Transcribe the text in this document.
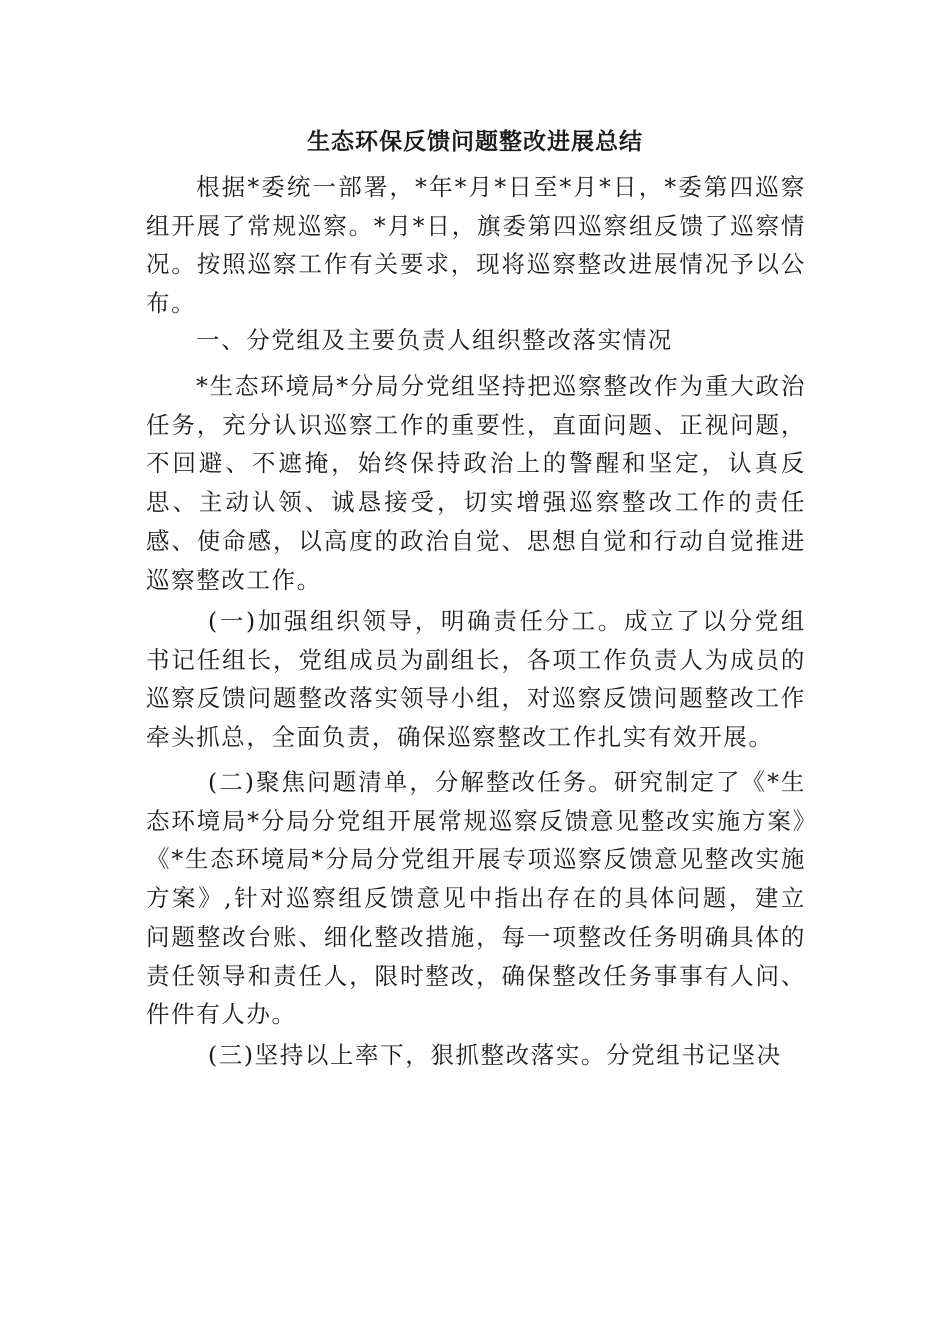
生态环保反馈问题整改进展总结

根据*委统一部署，*年*月*日至*月*日，*委第四巡察组开展了常规巡察。*月*日，旗委第四巡察组反馈了巡察情况。按照巡察工作有关要求，现将巡察整改进展情况予以公布。

一、分党组及主要负责人组织整改落实情况

*生态环境局*分局分党组坚持把巡察整改作为重大政治任务，充分认识巡察工作的重要性，直面问题、正视问题，不回避、不遮掩，始终保持政治上的警醒和坚定，认真反思、主动认领、诚恳接受，切实增强巡察整改工作的责任感、使命感，以高度的政治自觉、思想自觉和行动自觉推进巡察整改工作。

(一)加强组织领导，明确责任分工。成立了以分党组书记任组长，党组成员为副组长，各项工作负责人为成员的巡察反馈问题整改落实领导小组，对巡察反馈问题整改工作牵头抓总，全面负责，确保巡察整改工作扎实有效开展。

(二)聚焦问题清单，分解整改任务。研究制定了《*生态环境局*分局分党组开展常规巡察反馈意见整改实施方案》《*生态环境局*分局分党组开展专项巡察反馈意见整改实施方案》,针对巡察组反馈意见中指出存在的具体问题，建立问题整改台账、细化整改措施，每一项整改任务明确具体的责任领导和责任人，限时整改，确保整改任务事事有人问、件件有人办。

(三)坚持以上率下，狠抓整改落实。分党组书记坚决
